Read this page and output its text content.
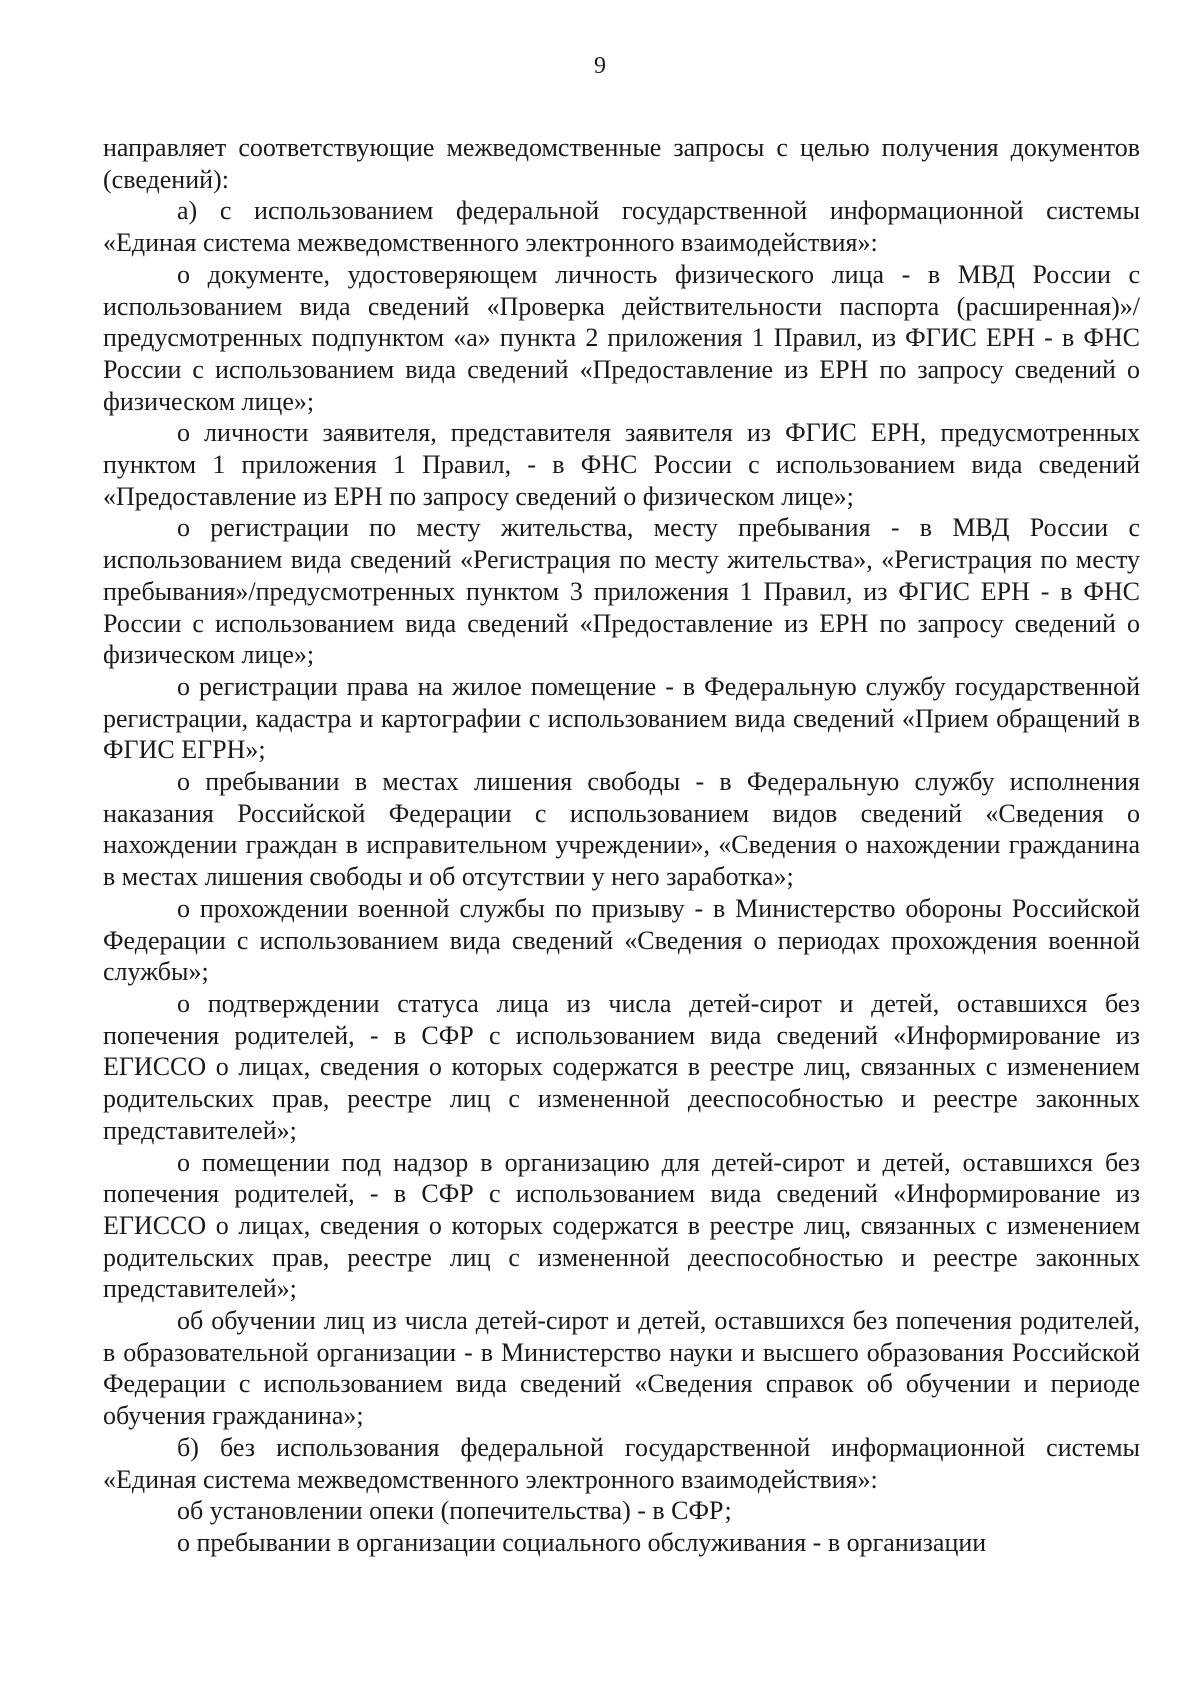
9

направляет соответствующие межведомственные запросы с целью получения документов (сведений):

а) с использованием федеральной государственной информационной системы «Единая система межведомственного электронного взаимодействия»:

о документе, удостоверяющем личность физического лица - в МВД России с использованием вида сведений «Проверка действительности паспорта (расширенная)»/предусмотренных подпунктом «а» пункта 2 приложения 1 Правил, из ФГИС ЕРН - в ФНС России с использованием вида сведений «Предоставление из ЕРН по запросу сведений о физическом лице»;

о личности заявителя, представителя заявителя из ФГИС ЕРН, предусмотренных пунктом 1 приложения 1 Правил, - в ФНС России с использованием вида сведений «Предоставление из ЕРН по запросу сведений о физическом лице»;

о регистрации по месту жительства, месту пребывания - в МВД России с использованием вида сведений «Регистрация по месту жительства», «Регистрация по месту пребывания»/предусмотренных пунктом 3 приложения 1 Правил, из ФГИС ЕРН - в ФНС России с использованием вида сведений «Предоставление из ЕРН по запросу сведений о физическом лице»;

о регистрации права на жилое помещение - в Федеральную службу государственной регистрации, кадастра и картографии с использованием вида сведений «Прием обращений в ФГИС ЕГРН»;

о пребывании в местах лишения свободы - в Федеральную службу исполнения наказания Российской Федерации с использованием видов сведений «Сведения о нахождении граждан в исправительном учреждении», «Сведения о нахождении гражданина в местах лишения свободы и об отсутствии у него заработка»;

о прохождении военной службы по призыву - в Министерство обороны Российской Федерации с использованием вида сведений «Сведения о периодах прохождения военной службы»;

о подтверждении статуса лица из числа детей-сирот и детей, оставшихся без попечения родителей, - в СФР с использованием вида сведений «Информирование из ЕГИССО о лицах, сведения о которых содержатся в реестре лиц, связанных с изменением родительских прав, реестре лиц с измененной дееспособностью и реестре законных представителей»;

о помещении под надзор в организацию для детей-сирот и детей, оставшихся без попечения родителей, - в СФР с использованием вида сведений «Информирование из ЕГИССО о лицах, сведения о которых содержатся в реестре лиц, связанных с изменением родительских прав, реестре лиц с измененной дееспособностью и реестре законных представителей»;

об обучении лиц из числа детей-сирот и детей, оставшихся без попечения родителей, в образовательной организации - в Министерство науки и высшего образования Российской Федерации с использованием вида сведений «Сведения справок об обучении и периоде обучения гражданина»;

б) без использования федеральной государственной информационной системы «Единая система межведомственного электронного взаимодействия»:

об установлении опеки (попечительства) - в СФР;

о пребывании в организации социального обслуживания - в организации
